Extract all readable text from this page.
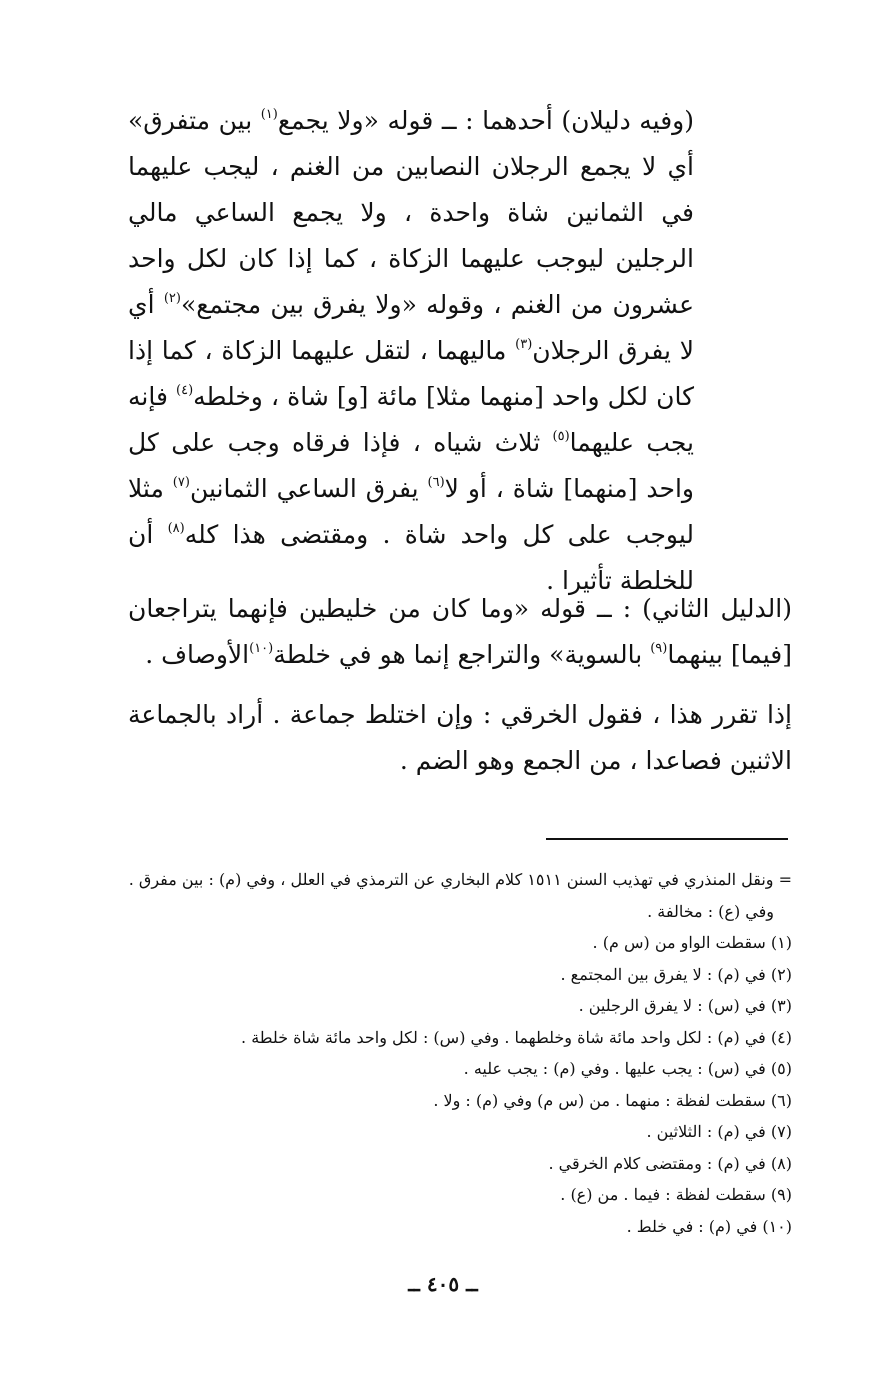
(وفيه دليلان) أحدهما : ــ قوله «ولا يجمع$^{(١)}$ بين متفرق» أي لا يجمع الرجلان النصابين من الغنم ، ليجب عليهما في الثمانين شاة واحدة ، ولا يجمع الساعي مالي الرجلين ليوجب عليهما الزكاة ، كما إذا كان لكل واحد عشرون من الغنم ، وقوله «ولا يفرق بين مجتمع»$^{(٢)}$ أي لا يفرق الرجلان$^{(٣)}$ ماليهما ، لتقل عليهما الزكاة ، كما إذا كان لكل واحد [منهما مثلا] مائة [و] شاة ، وخلطه$^{(٤)}$ فإنه يجب عليهما$^{(٥)}$ ثلاث شياه ، فإذا فرقاه وجب على كل واحد [منهما] شاة ، أو لا$^{(٦)}$ يفرق الساعي الثمانين$^{(٧)}$ مثلا ليوجب على كل واحد شاة . ومقتضى هذا كله$^{(٨)}$ أن للخلطة تأثيرا .

(الدليل الثاني) : ــ قوله «وما كان من خليطين فإنهما يتراجعان [فيما] بينهما$^{(٩)}$ بالسوية» والتراجع إنما هو في خلطة$^{(١٠)}$الأوصاف .

إذا تقرر هذا ، فقول الخرقي : وإن اختلط جماعة . أراد بالجماعة الاثنين فصاعدا ، من الجمع وهو الضم .

= ونقل المنذري في تهذيب السنن ١٥١١ كلام البخاري عن الترمذي في العلل ، وفي (م) : بين مفرق .
وفي (ع) : مخالفة .
(١) سقطت الواو من (س م) .
(٢) في (م) : لا يفرق بين المجتمع .
(٣) في (س) : لا يفرق الرجلين .
(٤) في (م) : لكل واحد مائة شاة وخلطهما . وفي (س) : لكل واحد مائة شاة خلطة .
(٥) في (س) : يجب عليها . وفي (م) : يجب عليه .
(٦) سقطت لفظة : منهما . من (س م) وفي (م) : ولا .
(٧) في (م) : الثلاثين .
(٨) في (م) : ومقتضى كلام الخرقي .
(٩) سقطت لفظة : فيما . من (ع) .
(١٠) في (م) : في خلط .
ــ ٤٠٥ ــ
